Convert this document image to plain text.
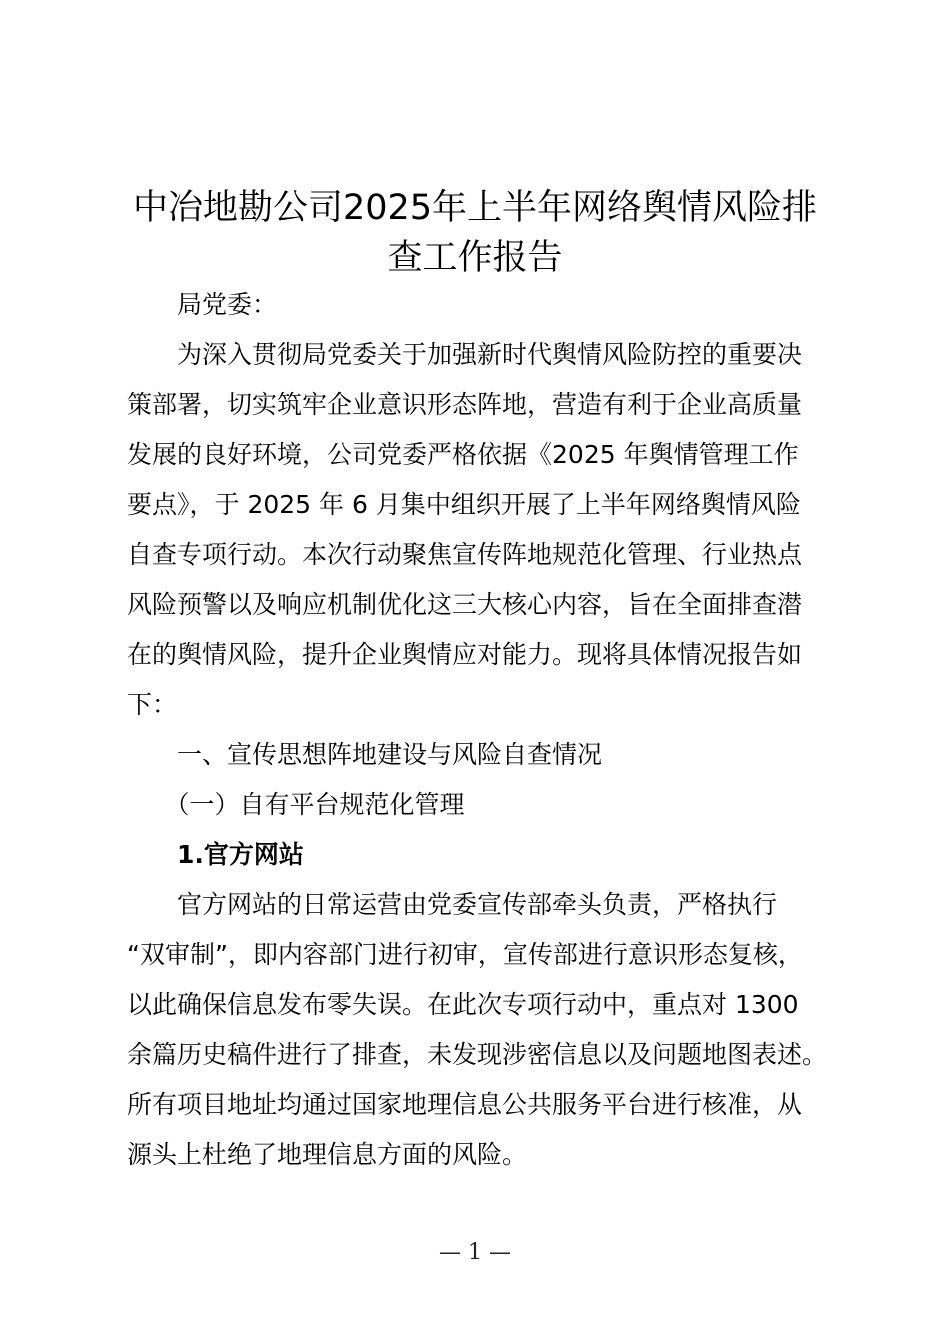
中冶地勘公司2025年上半年网络舆情风险排
查工作报告

　　局党委：

　　为深入贯彻局党委关于加强新时代舆情风险防控的重要决

策部署，切实筑牢企业意识形态阵地，营造有利于企业高质量

发展的良好环境，公司党委严格依据《2025 年舆情管理工作

要点》，于 2025 年 6 月集中组织开展了上半年网络舆情风险

自查专项行动。本次行动聚焦宣传阵地规范化管理、行业热点

风险预警以及响应机制优化这三大核心内容，旨在全面排查潜

在的舆情风险，提升企业舆情应对能力。现将具体情况报告如

下：

　　一、宣传思想阵地建设与风险自查情况

　　（一）自有平台规范化管理

　　1.官方网站

　　官方网站的日常运营由党委宣传部牵头负责，严格执行

“双审制”，即内容部门进行初审，宣传部进行意识形态复核，

以此确保信息发布零失误。在此次专项行动中，重点对 1300

余篇历史稿件进行了排查，未发现涉密信息以及问题地图表述。

所有项目地址均通过国家地理信息公共服务平台进行核准，从

源头上杜绝了地理信息方面的风险。

— 1 —
